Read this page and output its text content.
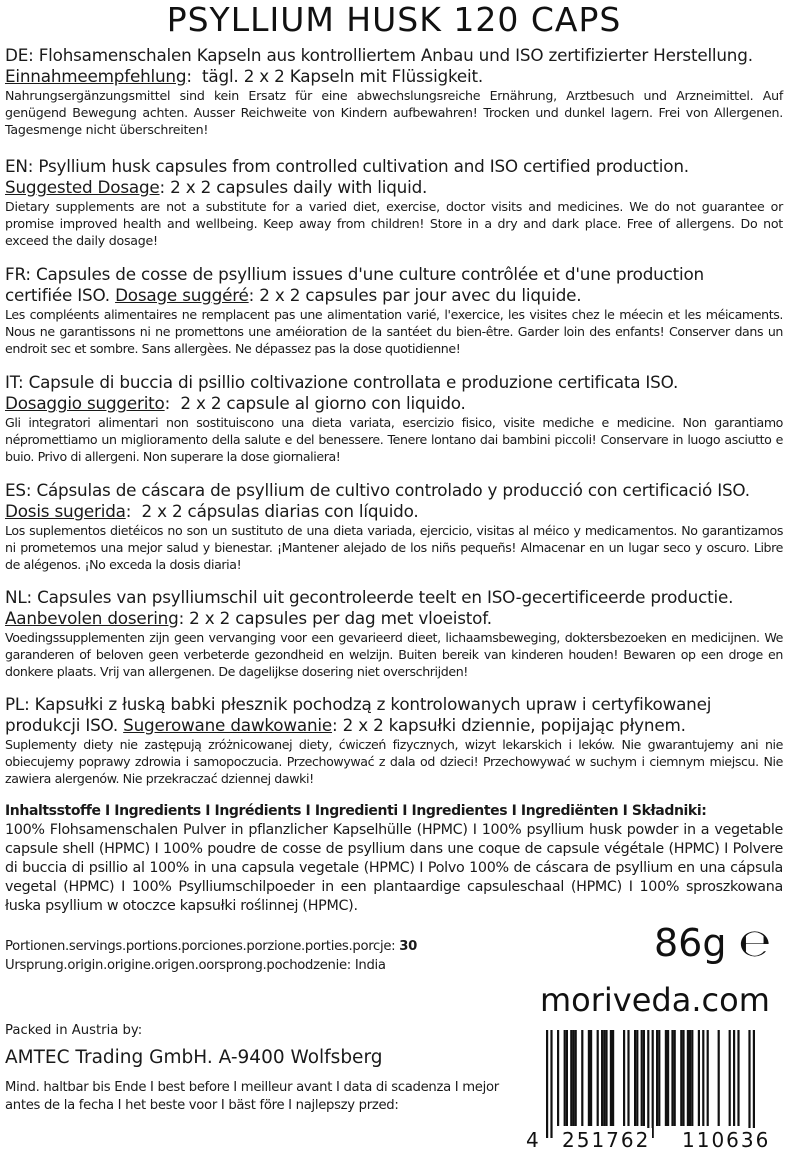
PSYLLIUM HUSK 120 CAPS
DE: Flohsamenschalen Kapseln aus kontrolliertem Anbau und ISO zertifizierter Herstellung.
Einnahmeempfehlung:  tägl. 2 x 2 Kapseln mit Flüssigkeit.
Nahrungsergänzungsmittel sind kein Ersatz für eine abwechslungsreiche Ernährung, Arztbesuch und Arzneimittel. Auf genügend Bewegung achten. Ausser Reichweite von Kindern aufbewahren! Trocken und dunkel lagern. Frei von Allergenen. Tagesmenge nicht überschreiten!
EN: Psyllium husk capsules from controlled cultivation and ISO certified production.
Suggested Dosage: 2 x 2 capsules daily with liquid.
Dietary supplements are not a substitute for a varied diet, exercise, doctor visits and medicines. We do not guarantee or promise improved health and wellbeing. Keep away from children! Store in a dry and dark place. Free of allergens. Do not exceed the daily dosage!
FR: Capsules de cosse de psyllium issues d'une culture contrôlée et d'une production
certifiée ISO. Dosage suggéré: 2 x 2 capsules par jour avec du liquide.
Les compléents alimentaires ne remplacent pas une alimentation varié, l'exercice, les visites chez le méecin et les méicaments. Nous ne garantissons ni ne promettons une améioration de la santéet du bien-être. Garder loin des enfants! Conserver dans un endroit sec et sombre. Sans allergèes. Ne dépassez pas la dose quotidienne!
IT: Capsule di buccia di psillio coltivazione controllata e produzione certificata ISO.
Dosaggio suggerito:  2 x 2 capsule al giorno con liquido.
Gli integratori alimentari non sostituiscono una dieta variata, esercizio fisico, visite mediche e medicine. Non garantiamo népromettiamo un miglioramento della salute e del benessere. Tenere lontano dai bambini piccoli! Conservare in luogo asciutto e buio. Privo di allergeni. Non superare la dose giornaliera!
ES: Cápsulas de cáscara de psyllium de cultivo controlado y producció con certificació ISO.
Dosis sugerida:  2 x 2 cápsulas diarias con líquido.
Los suplementos dietéicos no son un sustituto de una dieta variada, ejercicio, visitas al méico y medicamentos. No garantizamos ni prometemos una mejor salud y bienestar. ¡Mantener alejado de los niñs pequeñs! Almacenar en un lugar seco y oscuro. Libre de alégenos. ¡No exceda la dosis diaria!
NL: Capsules van psylliumschil uit gecontroleerde teelt en ISO-gecertificeerde productie.
Aanbevolen dosering: 2 x 2 capsules per dag met vloeistof.
Voedingssupplementen zijn geen vervanging voor een gevarieerd dieet, lichaamsbeweging, doktersbezoeken en medicijnen. We garanderen of beloven geen verbeterde gezondheid en welzijn. Buiten bereik van kinderen houden! Bewaren op een droge en donkere plaats. Vrij van allergenen. De dagelijkse dosering niet overschrijden!
PL: Kapsułki z łuską babki płesznik pochodzą z kontrolowanych upraw i certyfikowanej
produkcji ISO. Sugerowane dawkowanie: 2 x 2 kapsułki dziennie, popijając płynem.
Suplementy diety nie zastępują zróżnicowanej diety, ćwiczeń fizycznych, wizyt lekarskich i leków. Nie gwarantujemy ani nie obiecujemy poprawy zdrowia i samopoczucia. Przechowywać z dala od dzieci! Przechowywać w suchym i ciemnym miejscu. Nie zawiera alergenów. Nie przekraczać dziennej dawki!
Inhaltsstoffe I Ingredients I Ingrédients I Ingredienti I Ingredientes I Ingrediënten I Składniki:
100% Flohsamenschalen Pulver in pflanzlicher Kapselhülle (HPMC) I 100% psyllium husk powder in a vegetable capsule shell (HPMC) I 100% poudre de cosse de psyllium dans une coque de capsule végétale (HPMC) I Polvere di buccia di psillio al 100% in una capsula vegetale (HPMC) I Polvo 100% de cáscara de psyllium en una cápsula vegetal (HPMC) I 100% Psylliumschilpoeder in een plantaardige capsuleschaal (HPMC) I 100% sproszkowana łuska psyllium w otoczce kapsułki roślinnej (HPMC).
Portionen.servings.portions.porciones.porzione.porties.porcje: 30
Ursprung.origin.origine.origen.oorsprong.pochodzenie: India
86g ℮
moriveda.com
Packed in Austria by:
AMTEC Trading GmbH. A-9400 Wolfsberg
Mind. haltbar bis Ende I best before I meilleur avant I data di scadenza I mejor antes de la fecha I het beste voor I bäst före I najlepszy przed:
4 251762 110636
